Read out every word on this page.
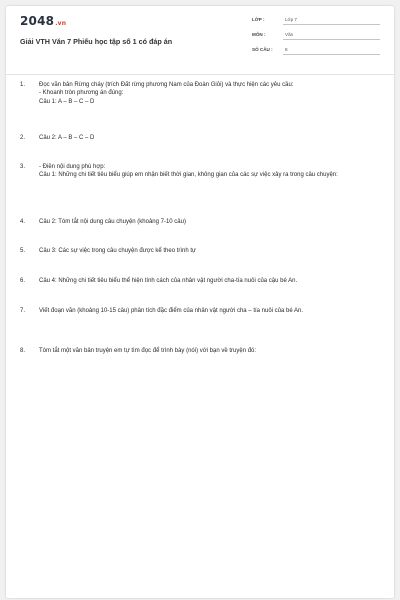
2048.vn
Giải VTH Văn 7 Phiếu học tập số 1 có đáp án
LỚP :	Lớp 7
MÔN :	Văn
SỐ CÂU :	8
1. Đọc văn bản Rừng cháy (trích Đất rừng phương Nam của Đoàn Giỏi) và thực hiện các yêu cầu:
- Khoanh tròn phương án đúng:
Câu 1: A – B – C – D
2. Câu 2: A – B – C – D
3. - Điền nội dung phù hợp:
Câu 1: Những chi tiết tiêu biểu giúp em nhận biết thời gian, không gian của các sự việc xảy ra trong câu chuyện:
4. Câu 2: Tóm tắt nội dung câu chuyện (khoảng 7-10 câu)
5. Câu 3: Các sự việc trong câu chuyện được kể theo trình tự
6. Câu 4: Những chi tiết tiêu biểu thể hiện tính cách của nhân vật người cha-tía nuôi của cậu bé An.
7. Viết đoạn văn (khoảng 10-15 câu) phân tích đặc điểm của nhân vật người cha – tía nuôi của bé An.
8. Tóm tắt một văn bản truyện em tự tìm đọc để trình bày (nói) với bạn về truyện đó:
